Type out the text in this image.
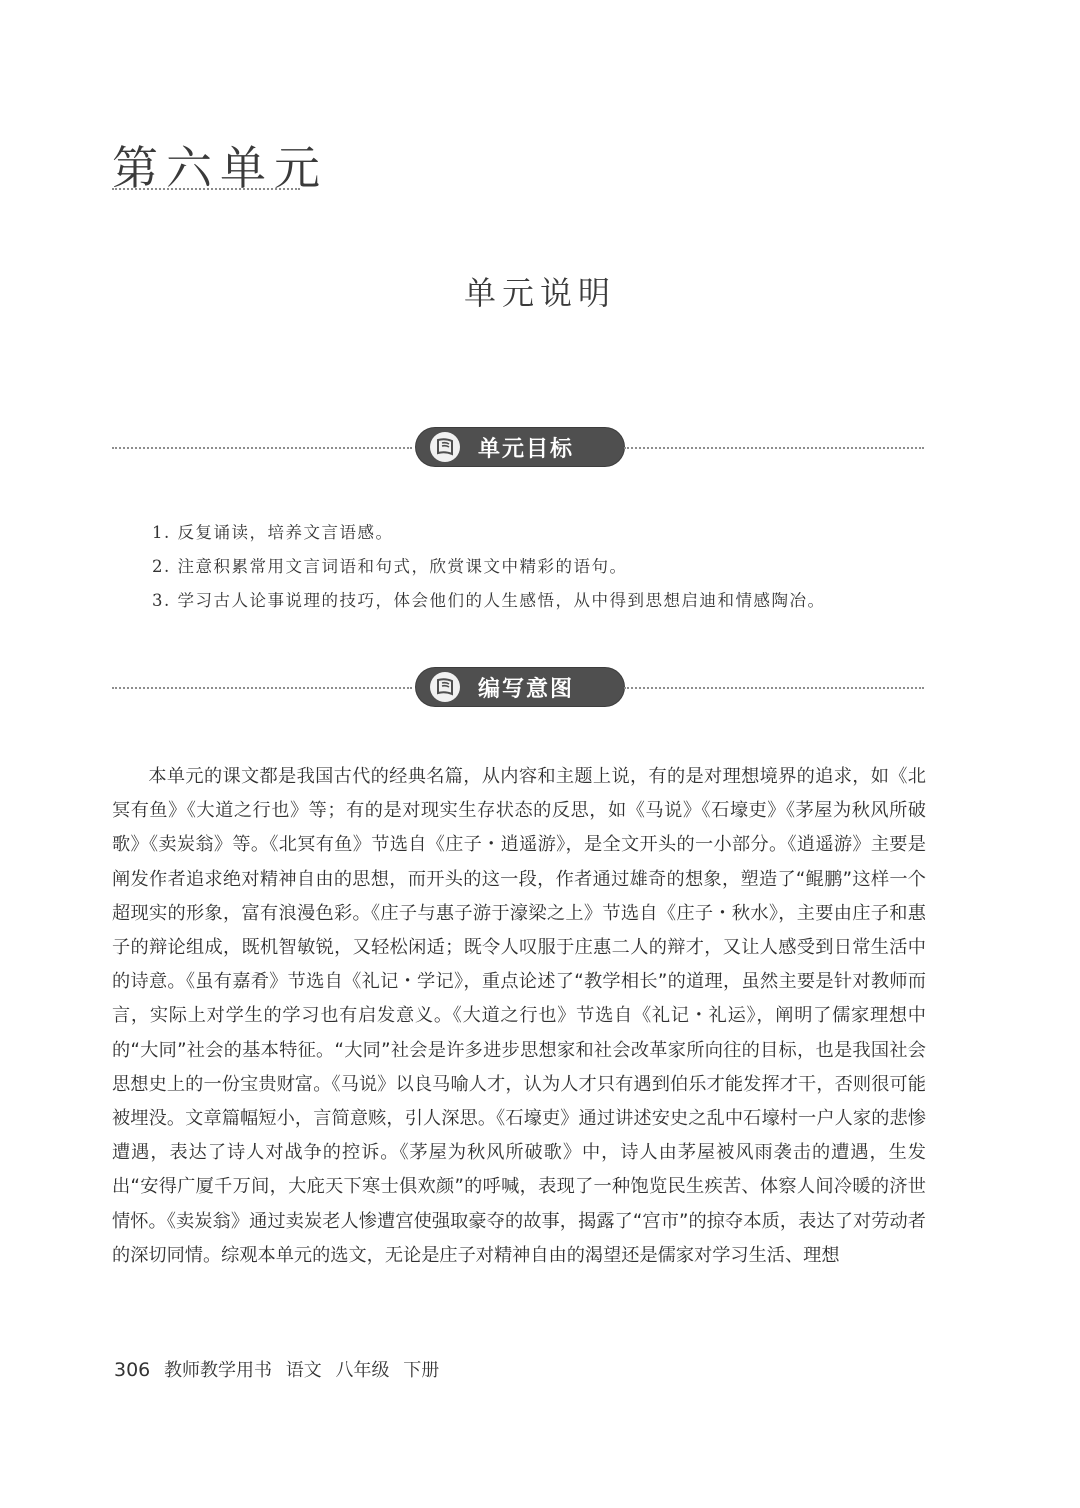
第六单元
单元说明
单元目标
1. 反复诵读，培养文言语感。
2. 注意积累常用文言词语和句式，欣赏课文中精彩的语句。
3. 学习古人论事说理的技巧，体会他们的人生感悟，从中得到思想启迪和情感陶冶。
编写意图

本单元的课文都是我国古代的经典名篇，从内容和主题上说，有的是对理想境界的追求，如《北冥有鱼》《大道之行也》等；有的是对现实生存状态的反思，如《马说》《石壕吏》《茅屋为秋风所破歌》《卖炭翁》等。《北冥有鱼》节选自《庄子・逍遥游》，是全文开头的一小部分。《逍遥游》主要是阐发作者追求绝对精神自由的思想，而开头的这一段，作者通过雄奇的想象，塑造了“鲲鹏”这样一个超现实的形象，富有浪漫色彩。《庄子与惠子游于濠梁之上》节选自《庄子・秋水》，主要由庄子和惠子的辩论组成，既机智敏锐，又轻松闲适；既令人叹服于庄惠二人的辩才，又让人感受到日常生活中的诗意。《虽有嘉肴》节选自《礼记・学记》，重点论述了“教学相长”的道理，虽然主要是针对教师而言，实际上对学生的学习也有启发意义。《大道之行也》节选自《礼记・礼运》，阐明了儒家理想中的“大同”社会的基本特征。“大同”社会是许多进步思想家和社会改革家所向往的目标，也是我国社会思想史上的一份宝贵财富。《马说》以良马喻人才，认为人才只有遇到伯乐才能发挥才干，否则很可能被埋没。文章篇幅短小，言简意赅，引人深思。《石壕吏》通过讲述安史之乱中石壕村一户人家的悲惨遭遇，表达了诗人对战争的控诉。《茅屋为秋风所破歌》中，诗人由茅屋被风雨袭击的遭遇，生发出“安得广厦千万间，大庇天下寒士俱欢颜”的呼喊，表现了一种饱览民生疾苦、体察人间冷暖的济世情怀。《卖炭翁》通过卖炭老人惨遭宫使强取豪夺的故事，揭露了“宫市”的掠夺本质，表达了对劳动者的深切同情。综观本单元的选文，无论是庄子对精神自由的渴望还是儒家对学习生活、理想

306 教师教学用书 语文 八年级 下册
